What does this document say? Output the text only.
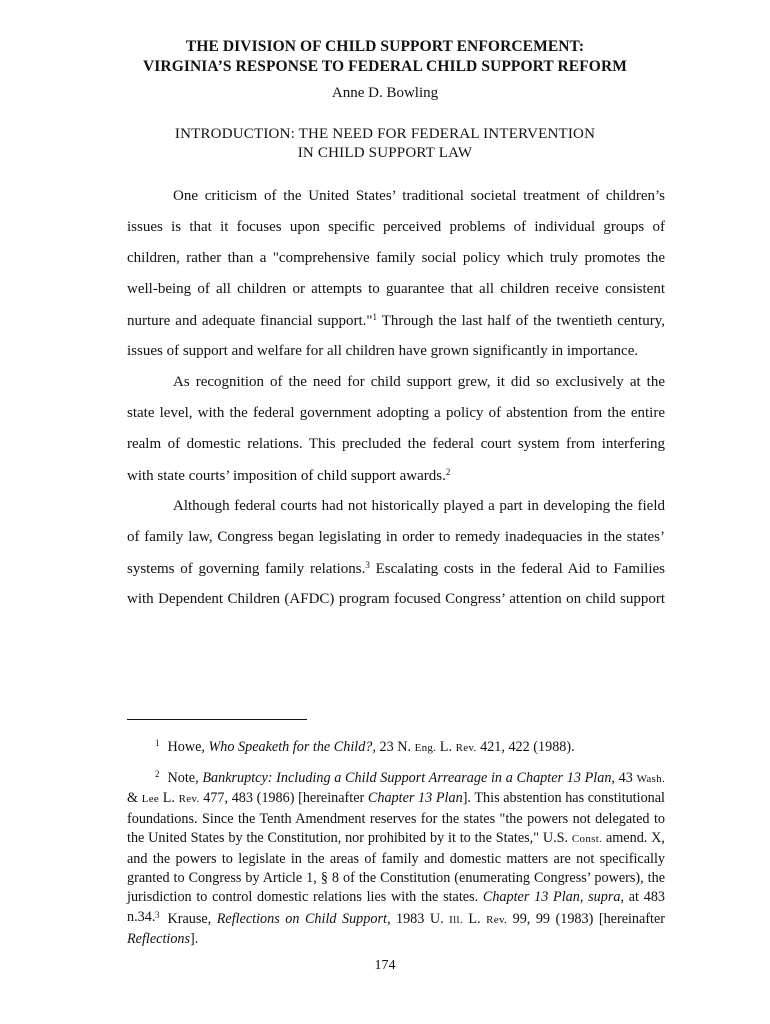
THE DIVISION OF CHILD SUPPORT ENFORCEMENT:
VIRGINIA’S RESPONSE TO FEDERAL CHILD SUPPORT REFORM
Anne D. Bowling
INTRODUCTION: THE NEED FOR FEDERAL INTERVENTION
IN CHILD SUPPORT LAW
One criticism of the United States’ traditional societal treatment of children’s
issues is that it focuses upon specific perceived problems of individual groups of
children, rather than a "comprehensive family social policy which truly promotes the
well-being of all children or attempts to guarantee that all children receive consistent
nurture and adequate financial support."$^1$ Through the last half of the twentieth century,
issues of support and welfare for all children have grown significantly in importance.
As recognition of the need for child support grew, it did so exclusively at the
state level, with the federal government adopting a policy of abstention from the entire
realm of domestic relations. This precluded the federal court system from interfering
with state courts’ imposition of child support awards.$^2$
Although federal courts had not historically played a part in developing the field
of family law, Congress began legislating in order to remedy inadequacies in the states’
systems of governing family relations.$^3$ Escalating costs in the federal Aid to Families
with Dependent Children (AFDC) program focused Congress’ attention on child support
$^1$ Howe, Who Speaketh for the Child?, 23 N. Eng. L. Rev. 421, 422 (1988).
$^2$ Note, Bankruptcy: Including a Child Support Arrearage in a Chapter 13 Plan, 43 Wash. & Lee L. Rev. 477, 483 (1986) [hereinafter Chapter 13 Plan]. This abstention has constitutional foundations. Since the Tenth Amendment reserves for the states "the powers not delegated to the United States by the Constitution, nor prohibited by it to the States," U.S. Const. amend. X, and the powers to legislate in the areas of family and domestic matters are not specifically granted to Congress by Article 1, § 8 of the Constitution (enumerating Congress’ powers), the jurisdiction to control domestic relations lies with the states. Chapter 13 Plan, supra, at 483 n.34. $^3$ Krause, Reflections on Child Support, 1983 U. Ill. L. Rev. 99, 99 (1983) [hereinafter Reflections].
174
